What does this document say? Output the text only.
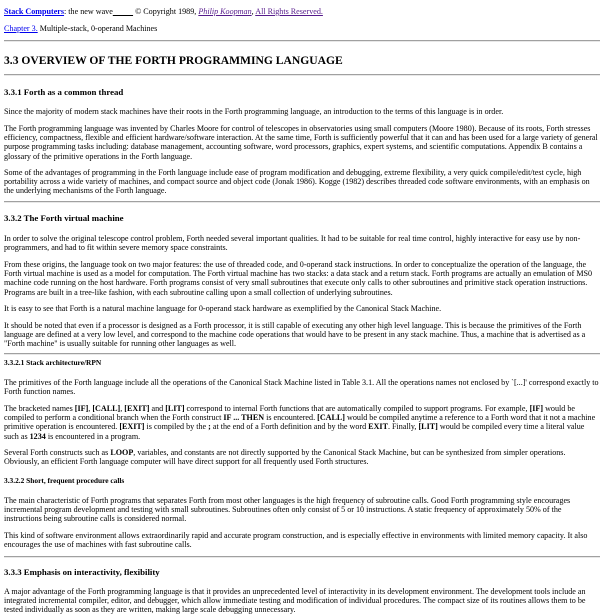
Stack Computers: the new wave           © Copyright 1989, Philip Koopman, All Rights Reserved.
Chapter 3. Multiple-stack, 0-operand Machines
3.3 OVERVIEW OF THE FORTH PROGRAMMING LANGUAGE
3.3.1 Forth as a common thread

Since the majority of modern stack machines have their roots in the Forth programming language, an introduction to the terms of this language is in order.

The Forth programming language was invented by Charles Moore for control of telescopes in observatories using small computers (Moore 1980). Because of its roots, Forth stresses efficiency, compactness, flexible and efficient hardware/software interaction. At the same time, Forth is sufficiently powerful that it can and has been used for a large variety of general purpose programming tasks including: database management, accounting software, word processors, graphics, expert systems, and scientific computations. Appendix B contains a glossary of the primitive operations in the Forth language.

Some of the advantages of programming in the Forth language include ease of program modification and debugging, extreme flexibility, a very quick compile/edit/test cycle, high portability across a wide variety of machines, and compact source and object code (Jonak 1986). Kogge (1982) describes threaded code software environments, with an emphasis on the underlying mechanisms of the Forth language.

3.3.2 The Forth virtual machine

In order to solve the original telescope control problem, Forth needed several important qualities. It had to be suitable for real time control, highly interactive for easy use by non-programmers, and had to fit within severe memory space constraints.

From these origins, the language took on two major features: the use of threaded code, and 0-operand stack instructions. In order to conceptualize the operation of the language, the Forth virtual machine is used as a model for computation. The Forth virtual machine has two stacks: a data stack and a return stack. Forth programs are actually an emulation of MS0 machine code running on the host hardware. Forth programs consist of very small subroutines that execute only calls to other subroutines and primitive stack operation instructions. Programs are built in a tree-like fashion, with each subroutine calling upon a small collection of underlying subroutines.

It is easy to see that Forth is a natural machine language for 0-operand stack hardware as exemplified by the Canonical Stack Machine.

It should be noted that even if a processor is designed as a Forth processor, it is still capable of executing any other high level language. This is because the primitives of the Forth language are defined at a very low level, and correspond to the machine code operations that would have to be present in any stack machine. Thus, a machine that is advertised as a "Forth machine" is usually suitable for running other languages as well.

3.3.2.1 Stack architecture/RPN

The primitives of the Forth language include all the operations of the Canonical Stack Machine listed in Table 3.1. All the operations names not enclosed by `[...]' correspond exactly to Forth function names.

The bracketed names [IF], [CALL], [EXIT] and [LIT] correspond to internal Forth functions that are automatically compiled to support programs. For example, [IF] would be compiled to perform a conditional branch when the Forth construct IF ... THEN is encountered. [CALL] would be compiled anytime a reference to a Forth word that it not a machine primitive operation is encountered. [EXIT] is compiled by the ; at the end of a Forth definition and by the word EXIT. Finally, [LIT] would be compiled every time a literal value such as 1234 is encountered in a program.

Several Forth constructs such as LOOP, variables, and constants are not directly supported by the Canonical Stack Machine, but can be synthesized from simpler operations. Obviously, an efficient Forth language computer will have direct support for all frequently used Forth structures.

3.3.2.2 Short, frequent procedure calls

The main characteristic of Forth programs that separates Forth from most other languages is the high frequency of subroutine calls. Good Forth programming style encourages incremental program development and testing with small subroutines. Subroutines often only consist of 5 or 10 instructions. A static frequency of approximately 50% of the instructions being subroutine calls is considered normal.

This kind of software environment allows extraordinarily rapid and accurate program construction, and is especially effective in environments with limited memory capacity. It also encourages the use of machines with fast subroutine calls.

3.3.3 Emphasis on interactivity, flexibility

A major advantage of the Forth programming language is that it provides an unprecedented level of interactivity in its development environment. The development tools include an integrated incremental compiler, editor, and debugger, which allow immediate testing and modification of individual procedures. The compact size of its routines allows them to be tested individually as soon as they are written, making large scale debugging unnecessary.
